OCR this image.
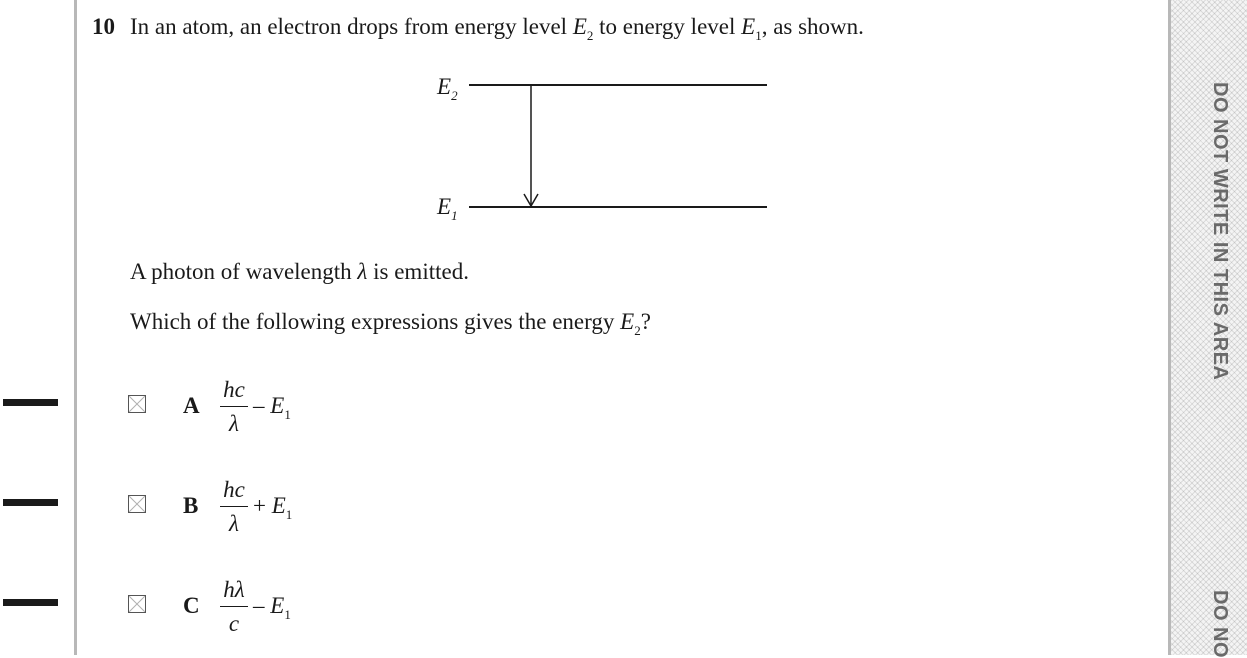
DO NOT WRITE IN THIS AREA
DO NO
10 In an atom, an electron drops from energy level $E_2$ to energy level $E_1$, as shown.
$E_2$
$E_1$
A photon of wavelength λ is emitted.
Which of the following expressions gives the energy $E_2$?
A $\frac{hc}{\lambda} - E_1$
B $\frac{hc}{\lambda} + E_1$
C $\frac{h\lambda}{c} - E_1$
